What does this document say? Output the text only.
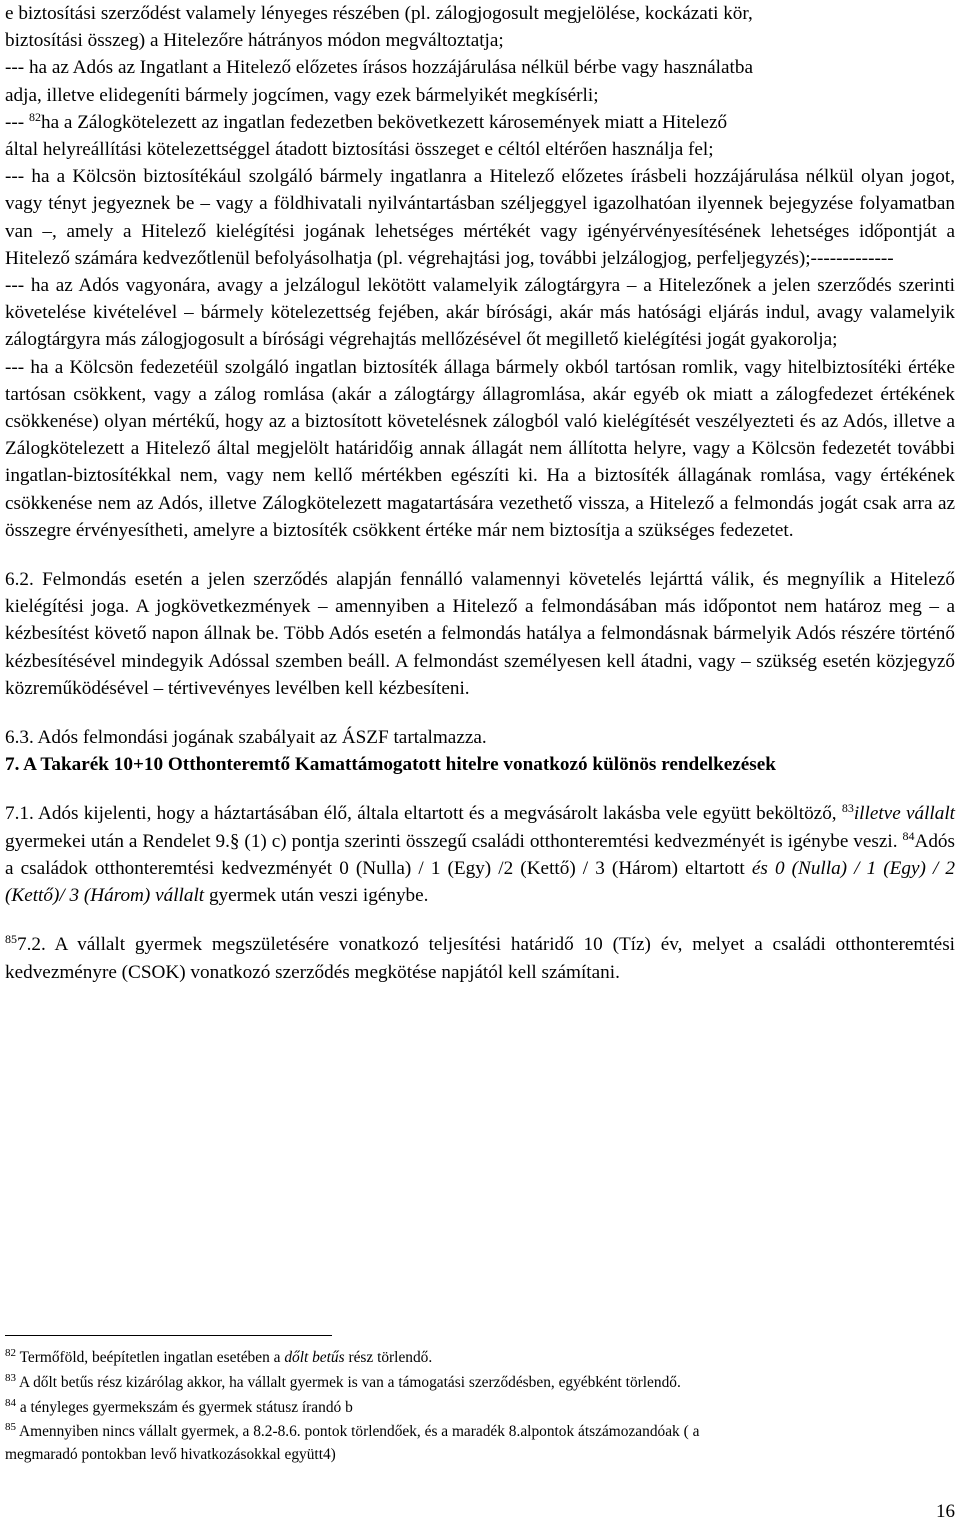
e biztosítási szerződést valamely lényeges részében (pl. zálogjogosult megjelölése, kockázati kör,
biztosítási összeg) a Hitelezőre hátrányos módon megváltoztatja;
--- ha az Adós az Ingatlant a Hitelező előzetes írásos hozzájárulása nélkül bérbe vagy használatba
adja, illetve elidegeníti bármely jogcímen, vagy ezek bármelyikét megkísérli;
--- $^{82}$ha a Zálogkötelezett az ingatlan fedezetben bekövetkezett károsemények miatt a Hitelező
által helyreállítási kötelezettséggel átadott biztosítási összeget e céltól eltérően használja fel;

--- ha a Kölcsön biztosítékául szolgáló bármely ingatlanra a Hitelező előzetes írásbeli hozzájárulása nélkül olyan jogot, vagy tényt jegyeznek be – vagy a földhivatali nyilvántartásban széljeggyel igazolhatóan ilyennek bejegyzése folyamatban van –, amely a Hitelező kielégítési jogának lehetséges mértékét vagy igényérvényesítésének lehetséges időpontját a Hitelező számára kedvezőtlenül befolyásolhatja (pl. végrehajtási jog, további jelzálogjog, perfeljegyzés);-------------

--- ha az Adós vagyonára, avagy a jelzálogul lekötött valamelyik zálogtárgyra – a Hitelezőnek a jelen szerződés szerinti követelése kivételével – bármely kötelezettség fejében, akár bírósági, akár más hatósági eljárás indul, avagy valamelyik zálogtárgyra más zálogjogosult a bírósági végrehajtás mellőzésével őt megillető kielégítési jogát gyakorolja;

--- ha a Kölcsön fedezetéül szolgáló ingatlan biztosíték állaga bármely okból tartósan romlik, vagy hitelbiztosítéki értéke tartósan csökkent, vagy a zálog romlása (akár a zálogtárgy állagromlása, akár egyéb ok miatt a zálogfedezet értékének csökkenése) olyan mértékű, hogy az a biztosított követelésnek zálogból való kielégítését veszélyezteti és az Adós, illetve a Zálogkötelezett a Hitelező által megjelölt határidőig annak állagát nem állította helyre, vagy a Kölcsön fedezetét további ingatlan-biztosítékkal nem, vagy nem kellő mértékben egészíti ki. Ha a biztosíték állagának romlása, vagy értékének csökkenése nem az Adós, illetve Zálogkötelezett magatartására vezethető vissza, a Hitelező a felmondás jogát csak arra az összegre érvényesítheti, amelyre a biztosíték csökkent értéke már nem biztosítja a szükséges fedezetet.

6.2. Felmondás esetén a jelen szerződés alapján fennálló valamennyi követelés lejárttá válik, és megnyílik a Hitelező kielégítési joga. A jogkövetkezmények – amennyiben a Hitelező a felmondásában más időpontot nem határoz meg – a kézbesítést követő napon állnak be. Több Adós esetén a felmondás hatálya a felmondásnak bármelyik Adós részére történő kézbesítésével mindegyik Adóssal szemben beáll. A felmondást személyesen kell átadni, vagy – szükség esetén közjegyző közreműködésével – tértivevényes levélben kell kézbesíteni.

6.3. Adós felmondási jogának szabályait az ÁSZF tartalmazza.

7. A Takarék 10+10 Otthonteremtő Kamattámogatott hitelre vonatkozó különös rendelkezések

7.1. Adós kijelenti, hogy a háztartásában élő, általa eltartott és a megvásárolt lakásba vele együtt beköltöző, $^{83}$illetve vállalt gyermekei után a Rendelet 9.§ (1) c) pontja szerinti összegű családi otthonteremtési kedvezményét is igénybe veszi. $^{84}$Adós a családok otthonteremtési kedvezményét 0 (Nulla) / 1 (Egy) /2 (Kettő) / 3 (Három) eltartott és 0 (Nulla) / 1 (Egy) / 2 (Kettő)/ 3 (Három) vállalt gyermek után veszi igénybe.

$^{85}$7.2. A vállalt gyermek megszületésére vonatkozó teljesítési határidő 10 (Tíz) év, melyet a családi otthonteremtési kedvezményre (CSOK) vonatkozó szerződés megkötése napjától kell számítani.

$^{82}$ Termőföld, beépítetlen ingatlan esetében a dőlt betűs rész törlendő.

$^{83}$ A dőlt betűs rész kizárólag akkor, ha vállalt gyermek is van a támogatási szerződésben, egyébként törlendő.

$^{84}$ a tényleges gyermekszám és gyermek státusz írandó b

$^{85}$ Amennyiben nincs vállalt gyermek, a 8.2-8.6. pontok törlendőek, és a maradék 8.alpontok átszámozandóak ( a
megmaradó pontokban levő hivatkozásokkal együtt4)

16
